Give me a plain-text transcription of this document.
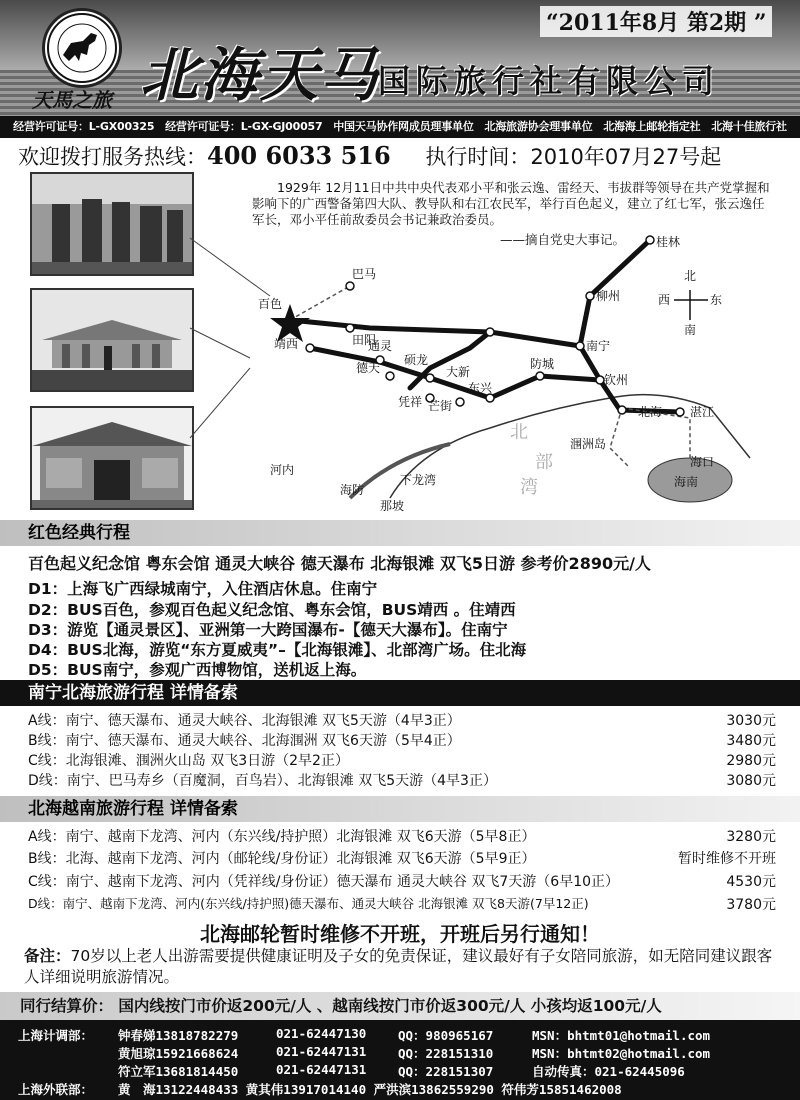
天馬之旅
“2011年8月 第2期 ”
北海天马
国际旅行社有限公司
经营许可证号：L-GX00325　经营许可证号：L-GX-GJ00057　中国天马协作网成员理事单位　北海旅游协会理事单位　北海海上邮轮指定社　北海十佳旅行社
欢迎拨打服务热线：400 6033 516 执行时间：2010年07月27号起
1929年 12月11日中共中央代表邓小平和张云逸、雷经天、韦拔群等领导在共产党掌握和影响下的广西警备第四大队、教导队和右江农民军，举行百色起义，建立了红七军，张云逸任军长，邓小平任前敌委员会书记兼政治委员。
——摘自党史大事记。
北
部
湾
百色
巴马
田阳
靖西	通灵
德天
硕龙
凭祥
大新
芒街
东兴
防城
钦州
南宁
柳州
桂林
北海
涠洲岛
湛江
海口
海南
下龙湾
河内
海防
那坡
北
南
东
西
红色经典行程
百色起义纪念馆 粤东会馆 通灵大峡谷 德天瀑布 北海银滩 双飞5日游 参考价2890元/人
D1：上海飞广西绿城南宁，入住酒店休息。住南宁
D2：BUS百色，参观百色起义纪念馆、粤东会馆，BUS靖西 。住靖西
D3：游览【通灵景区】、亚洲第一大跨国瀑布-【德天大瀑布】。住南宁
D4：BUS北海，游览“东方夏威夷”–【北海银滩】、北部湾广场。住北海
D5：BUS南宁，参观广西博物馆，送机返上海。
南宁北海旅游行程 详情备索
A线：南宁、德天瀑布、通灵大峡谷、北海银滩 双飞5天游（4早3正）	3030元
B线：南宁、德天瀑布、通灵大峡谷、北海涠洲 双飞6天游（5早4正）	3480元
C线：北海银滩、涠洲火山岛 双飞3日游（2早2正）	2980元
D线：南宁、巴马寿乡（百魔洞，百鸟岩）、北海银滩 双飞5天游（4早3正）	3080元
北海越南旅游行程 详情备索
A线：南宁、越南下龙湾、河内（东兴线/持护照）北海银滩 双飞6天游（5早8正）	3280元
B线：北海、越南下龙湾、河内（邮轮线/身份证）北海银滩 双飞6天游（5早9正）	暂时维修不开班
C线：南宁、越南下龙湾、河内（凭祥线/身份证）德天瀑布 通灵大峡谷 双飞7天游（6早10正）	4530元
D线：南宁、越南下龙湾、河内(东兴线/持护照)德天瀑布、通灵大峡谷 北海银滩 双飞8天游(7早12正)	3780元
北海邮轮暂时维修不开班，开班后另行通知！
备注：70岁以上老人出游需要提供健康证明及子女的免责保证，建议最好有子女陪同旅游，如无陪同建议跟客人详细说明旅游情况。
同行结算价： 国内线按门市价返200元/人 、越南线按门市价返300元/人 小孩均返100元/人
上海计调部： 钟春娣13818782279	021-62447130	QQ：980965167	MSN：bhtmt01@hotmail.com
黄旭琼15921668624	021-62447131	QQ：228151310	MSN：bhtmt02@hotmail.com
符立军13681814450	021-62447131	QQ：228151307	自动传真：021-62445096
上海外联部： 黄　海13122448433 黄其伟13917014140 严洪滨13862559290 符伟芳15851462008
